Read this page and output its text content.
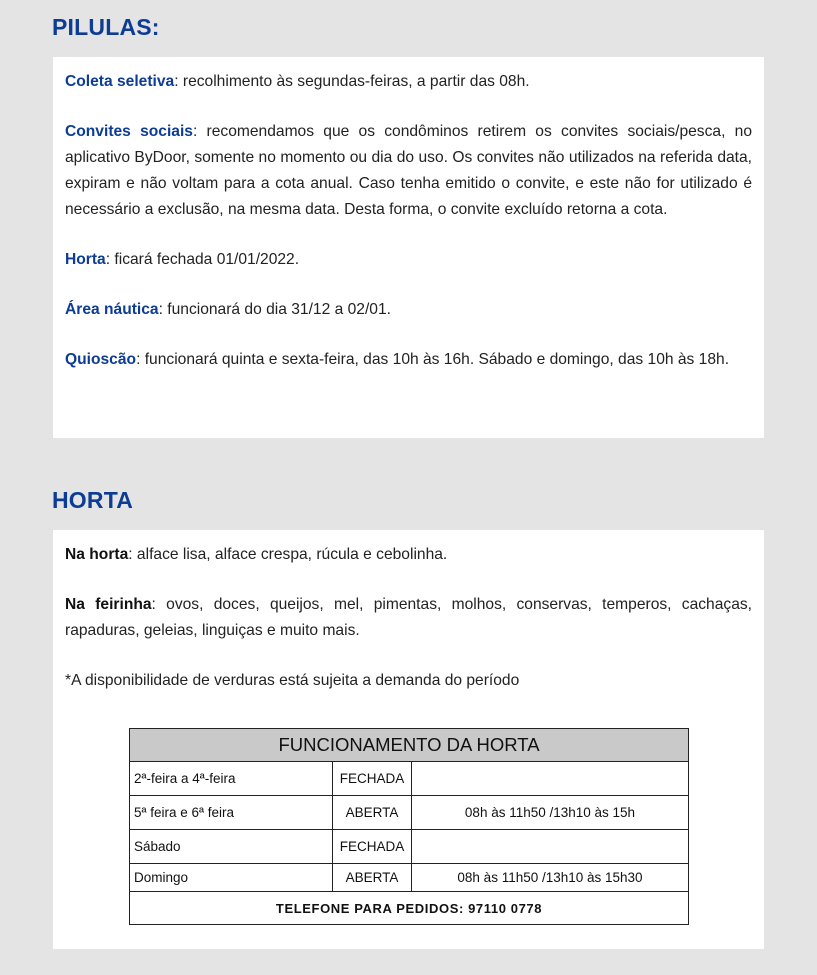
PILULAS:

Coleta seletiva: recolhimento às segundas-feiras, a partir das 08h.

Convites sociais: recomendamos que os condôminos retirem os convites sociais/pesca, no aplicativo ByDoor, somente no momento ou dia do uso. Os convites não utilizados na referida data, expiram e não voltam para a cota anual. Caso tenha emitido o convite, e este não for utilizado é necessário a exclusão, na mesma data. Desta forma, o convite excluído retorna a cota.

Horta: ficará fechada 01/01/2022.

Área náutica: funcionará do dia 31/12 a 02/01.

Quioscão: funcionará quinta e sexta-feira, das 10h às 16h. Sábado e domingo, das 10h às 18h.

HORTA

Na horta: alface lisa, alface crespa, rúcula e cebolinha.

Na feirinha: ovos, doces, queijos, mel, pimentas, molhos, conservas, temperos, cachaças, rapaduras, geleias, linguiças e muito mais.

*A disponibilidade de verduras está sujeita a demanda do período

FUNCIONAMENTO DA HORTA		
2ª-feira a 4ª-feira	FECHADA	
5ª feira e 6ª feira	ABERTA	08h às 11h50 /13h10 às 15h
Sábado	FECHADA	
Domingo	ABERTA	08h às 11h50 /13h10 às 15h30
TELEFONE PARA PEDIDOS: 97110 0778		
